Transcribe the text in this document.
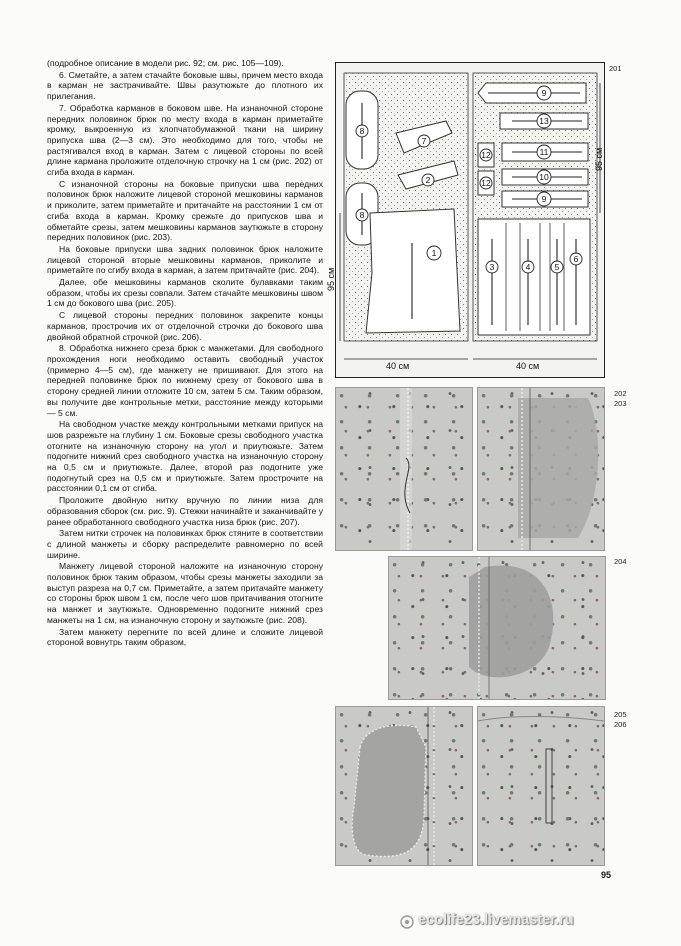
(подробное описание в модели рис. 92; см. рис. 105—109).

6. Сметайте, а затем стачайте боковые швы, причем место входа в карман не застрачивайте. Швы разутюжьте до плотного их прилегания.

7. Обработка карманов в боковом шве. На изнаночной стороне передних половинок брюк по месту входа в карман приметайте кромку, выкроенную из хлопчатобумажной ткани на ширину припуска шва (2—3 см). Это необходимо для того, чтобы не растягивался вход в карман. Затем с лицевой стороны по всей длине кармана проложите отделочную строчку на 1 см (рис. 202) от сгиба входа в карман.

С изнаночной стороны на боковые припуски шва передних половинок брюк наложите лицевой стороной мешковины карманов и приколите, затем приметайте и притачайте на расстоянии 1 см от сгиба входа в карман. Кромку срежьте до припусков шва и обметайте срезы, затем мешковины карманов заутюжьте в сторону передних половинок (рис. 203).

На боковые припуски шва задних половинок брюк наложите лицевой стороной вторые мешковины карманов, приколите и приметайте по сгибу входа в карман, а затем притачайте (рис. 204).

Далее, обе мешковины карманов сколите булавками таким образом, чтобы их срезы совпали. Затем стачайте мешковины швом 1 см до бокового шва (рис. 205).

С лицевой стороны передних половинок закрепите концы карманов, прострочив их от отделочной строчки до бокового шва двойной обратной строчкой (рис. 206).

8. Обработка нижнего среза брюк с манжетами. Для свободного прохождения ноги необходимо оставить свободный участок (примерно 4—5 см), где манжету не пришивают. Для этого на передней половинке брюк по нижнему срезу от бокового шва в сторону средней линии отложите 10 см, затем 5 см. Таким образом, вы получите две контрольные метки, расстояние между которыми — 5 см.

На свободном участке между контрольными метками припуск на шов разрежьте на глубину 1 см. Боковые срезы свободного участка отогните на изнаночную сторону на угол и приутюжьте. Затем подогните нижний срез свободного участка на изнаночную сторону на 0,5 см и приутюжьте. Далее, второй раз подогните уже подогнутый срез на 0,5 см и приутюжьте. Затем прострочите на расстоянии 0,1 см от сгиба.

Проложите двойную нитку вручную по линии низа для образования сборок (см. рис. 9). Стежки начинайте и заканчивайте у ранее обработанного свободного участка низа брюк (рис. 207).

Затем нитки строчек на половинках брюк стяните в соответствии с длиной манжеты и сборку распределите равномерно по всей ширине.

Манжету лицевой стороной наложите на изнаночную сторону половинок брюк таким образом, чтобы срезы манжеты заходили за выступ разреза на 0,7 см. Приметайте, а затем притачайте манжету со стороны брюк швом 1 см, после чего шов притачивания отогните на манжет и заутюжьте. Одновременно подогните нижний срез манжеты на 1 см, на изнаночную сторону и заутюжьте (рис. 208).

Затем манжету перегните по всей длине и сложите лицевой стороной вовнутрь таким образом,

201
1
2
3	4	5
6
7
8
8
9
9
10
11
12
12
13
40 см	40 см
95 см
95 см
202
203
204
205
206
95
ecolife23.livemaster.ru
